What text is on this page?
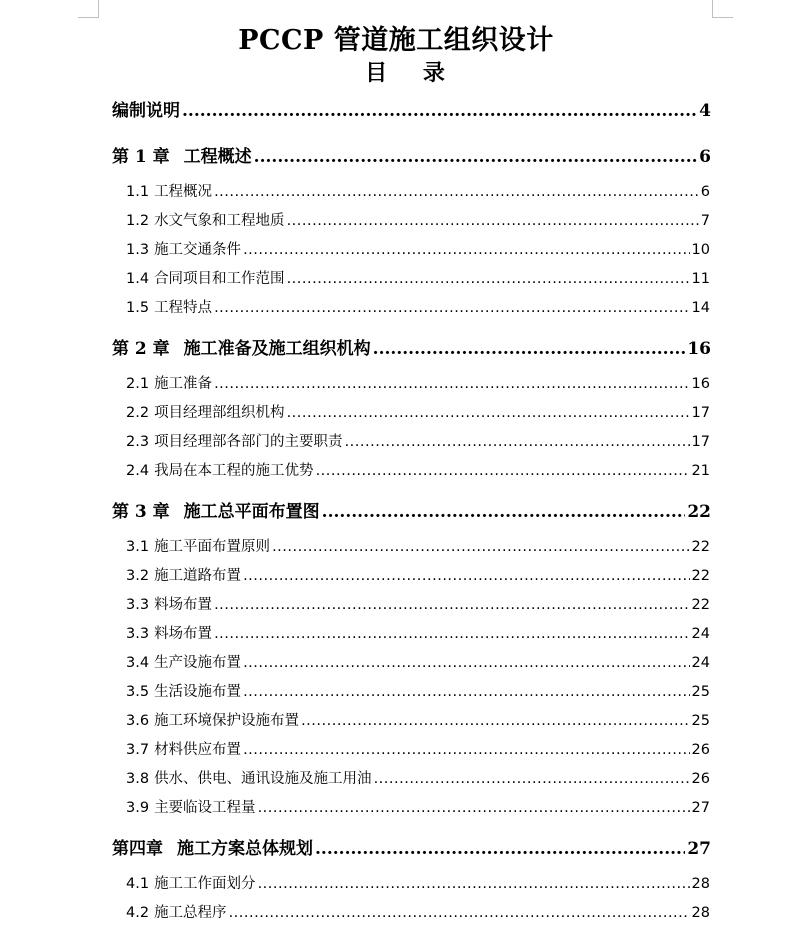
PCCP 管道施工组织设计
目 录
编制说明 .....	4
第 1 章 工程概述 .....	6
1.1 工程概况 .....	6
1.2 水文气象和工程地质 .....	7
1.3 施工交通条件 .....	10
1.4 合同项目和工作范围 .....	11
1.5 工程特点 .....	14
第 2 章 施工准备及施工组织机构 .....	16
2.1 施工准备 .....	16
2.2 项目经理部组织机构 .....	17
2.3 项目经理部各部门的主要职责 .....	17
2.4 我局在本工程的施工优势 .....	21
第 3 章 施工总平面布置图 .....	22
3.1 施工平面布置原则 .....	22
3.2 施工道路布置 .....	22
3.3 料场布置 .....	22
3.3 料场布置 .....	24
3.4 生产设施布置 .....	24
3.5 生活设施布置 .....	25
3.6 施工环境保护设施布置 .....	25
3.7 材料供应布置 .....	26
3.8 供水、供电、通讯设施及施工用油 .....	26
3.9 主要临设工程量 .....	27
第四章 施工方案总体规划 .....	27
4.1 施工工作面划分 .....	28
4.2 施工总程序 .....	28
